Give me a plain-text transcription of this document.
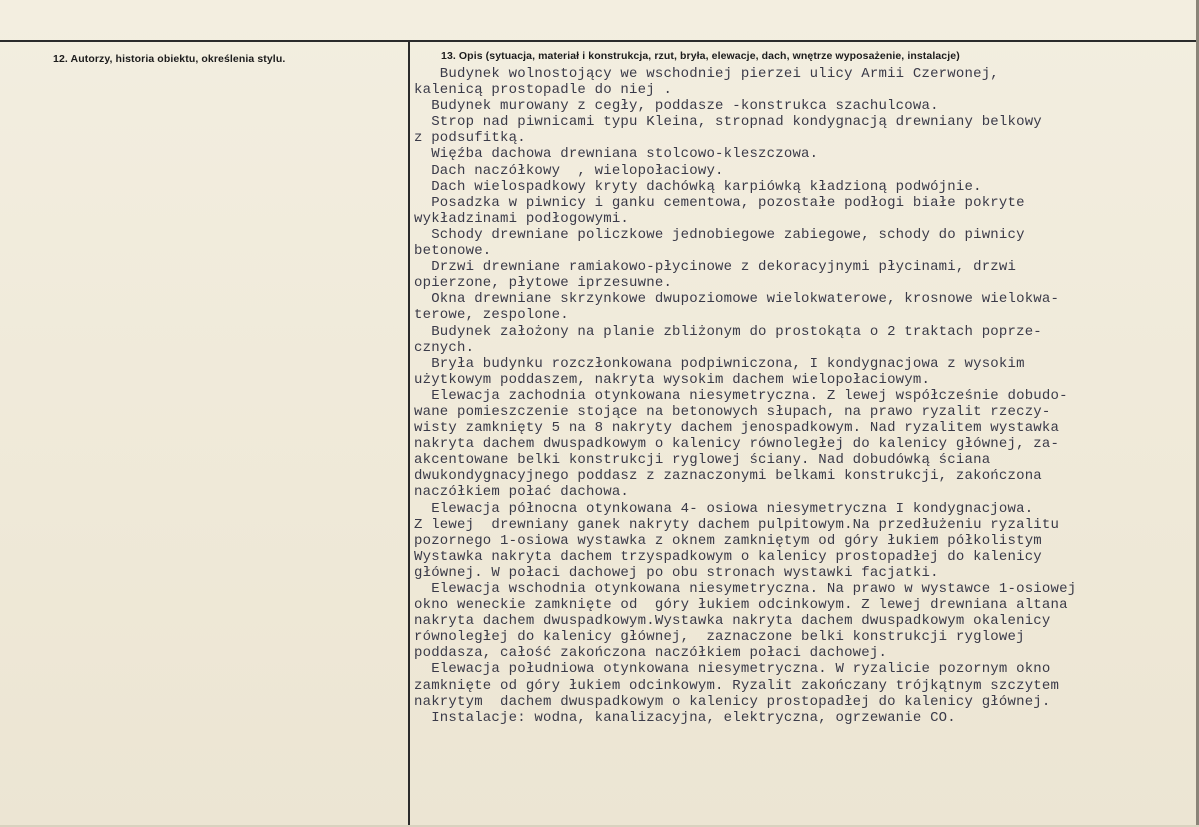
12. Autorzy, historia obiektu, określenia stylu.	13. Opis (sytuacja, materiał i konstrukcja, rzut, bryła, elewacje, dach, wnętrze wyposażenie, instalacje)
Budynek wolnostojący we wschodniej pierzei ulicy Armii Czerwonej,
kalenicą prostopadle do niej .
Budynek murowany z cegły, poddasze -konstrukca szachulcowa.
Strop nad piwnicami typu Kleina, stropnad kondygnacją drewniany belkowy
z podsufitką.
Więźba dachowa drewniana stolcowo-kleszczowa.
Dach naczółkowy  , wielopołaciowy.
Dach wielospadkowy kryty dachówką karpiówką kładzioną podwójnie.
Posadzka w piwnicy i ganku cementowa, pozostałe podłogi białe pokryte
wykładzinami podłogowymi.
Schody drewniane policzkowe jednobiegowe zabiegowe, schody do piwnicy
betonowe.
Drzwi drewniane ramiakowo-płycinowe z dekoracyjnymi płycinami, drzwi
opierzone, płytowe iprzesuwne.
Okna drewniane skrzynkowe dwupoziomowe wielokwaterowe, krosnowe wielokwa-
terowe, zespolone.
Budynek założony na planie zbliżonym do prostokąta o 2 traktach poprze-
cznych.
Bryła budynku rozczłonkowana podpiwniczona, I kondygnacjowa z wysokim
użytkowym poddaszem, nakryta wysokim dachem wielopołaciowym.
Elewacja zachodnia otynkowana niesymetryczna. Z lewej współcześnie dobudo-
wane pomieszczenie stojące na betonowych słupach, na prawo ryzalit rzeczy-
wisty zamknięty 5 na 8 nakryty dachem jenospadkowym. Nad ryzalitem wystawka
nakryta dachem dwuspadkowym o kalenicy równoległej do kalenicy głównej, za-
akcentowane belki konstrukcji ryglowej ściany. Nad dobudówką ściana
dwukondygnacyjnego poddasz z zaznaczonymi belkami konstrukcji, zakończona
naczółkiem połać dachowa.
Elewacja północna otynkowana 4- osiowa niesymetryczna I kondygnacjowa.
Z lewej  drewniany ganek nakryty dachem pulpitowym.Na przedłużeniu ryzalitu
pozornego 1-osiowa wystawka z oknem zamkniętym od góry łukiem półkolistym
Wystawka nakryta dachem trzyspadkowym o kalenicy prostopadłej do kalenicy
głównej. W połaci dachowej po obu stronach wystawki facjatki.
Elewacja wschodnia otynkowana niesymetryczna. Na prawo w wystawce 1-osiowej
okno weneckie zamknięte od  góry łukiem odcinkowym. Z lewej drewniana altana
nakryta dachem dwuspadkowym.Wystawka nakryta dachem dwuspadkowym okalenicy
równoległej do kalenicy głównej,  zaznaczone belki konstrukcji ryglowej
poddasza, całość zakończona naczółkiem połaci dachowej.
Elewacja południowa otynkowana niesymetryczna. W ryzalicie pozornym okno
zamknięte od góry łukiem odcinkowym. Ryzalit zakończany trójkątnym szczytem
nakrytym  dachem dwuspadkowym o kalenicy prostopadłej do kalenicy głównej.
Instalacje: wodna, kanalizacyjna, elektryczna, ogrzewanie CO.
